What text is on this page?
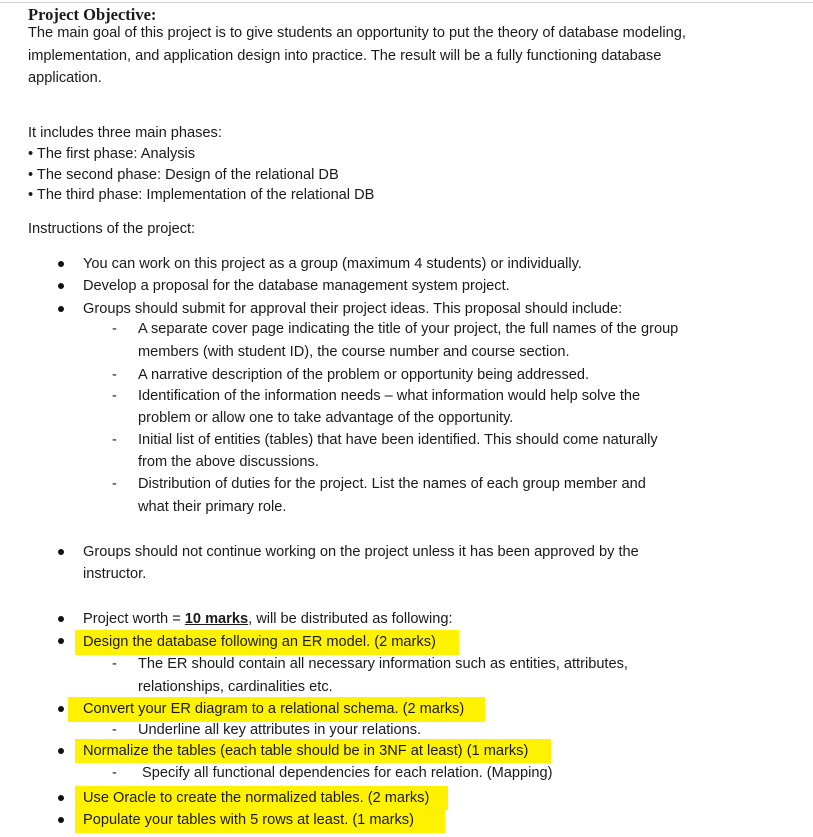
Project Objective:
The main goal of this project is to give students an opportunity to put the theory of database modeling,
implementation, and application design into practice. The result will be a fully functioning database
application.
It includes three main phases:
• The first phase: Analysis
• The second phase: Design of the relational DB
• The third phase: Implementation of the relational DB
Instructions of the project:
You can work on this project as a group (maximum 4 students) or individually.
Develop a proposal for the database management system project.
Groups should submit for approval their project ideas. This proposal should include:
- A separate cover page indicating the title of your project, the full names of the group
members (with student ID), the course number and course section.
- A narrative description of the problem or opportunity being addressed.
- Identification of the information needs – what information would help solve the
problem or allow one to take advantage of the opportunity.
- Initial list of entities (tables) that have been identified. This should come naturally
from the above discussions.
- Distribution of duties for the project. List the names of each group member and
what their primary role.
Groups should not continue working on the project unless it has been approved by the
instructor.
Project worth = 10 marks, will be distributed as following:
Design the database following an ER model. (2 marks)
- The ER should contain all necessary information such as entities, attributes,
relationships, cardinalities etc.
Convert your ER diagram to a relational schema. (2 marks)
- Underline all key attributes in your relations.
Normalize the tables (each table should be in 3NF at least) (1 marks)
- Specify all functional dependencies for each relation. (Mapping)
Use Oracle to create the normalized tables. (2 marks)
Populate your tables with 5 rows at least. (1 marks)
